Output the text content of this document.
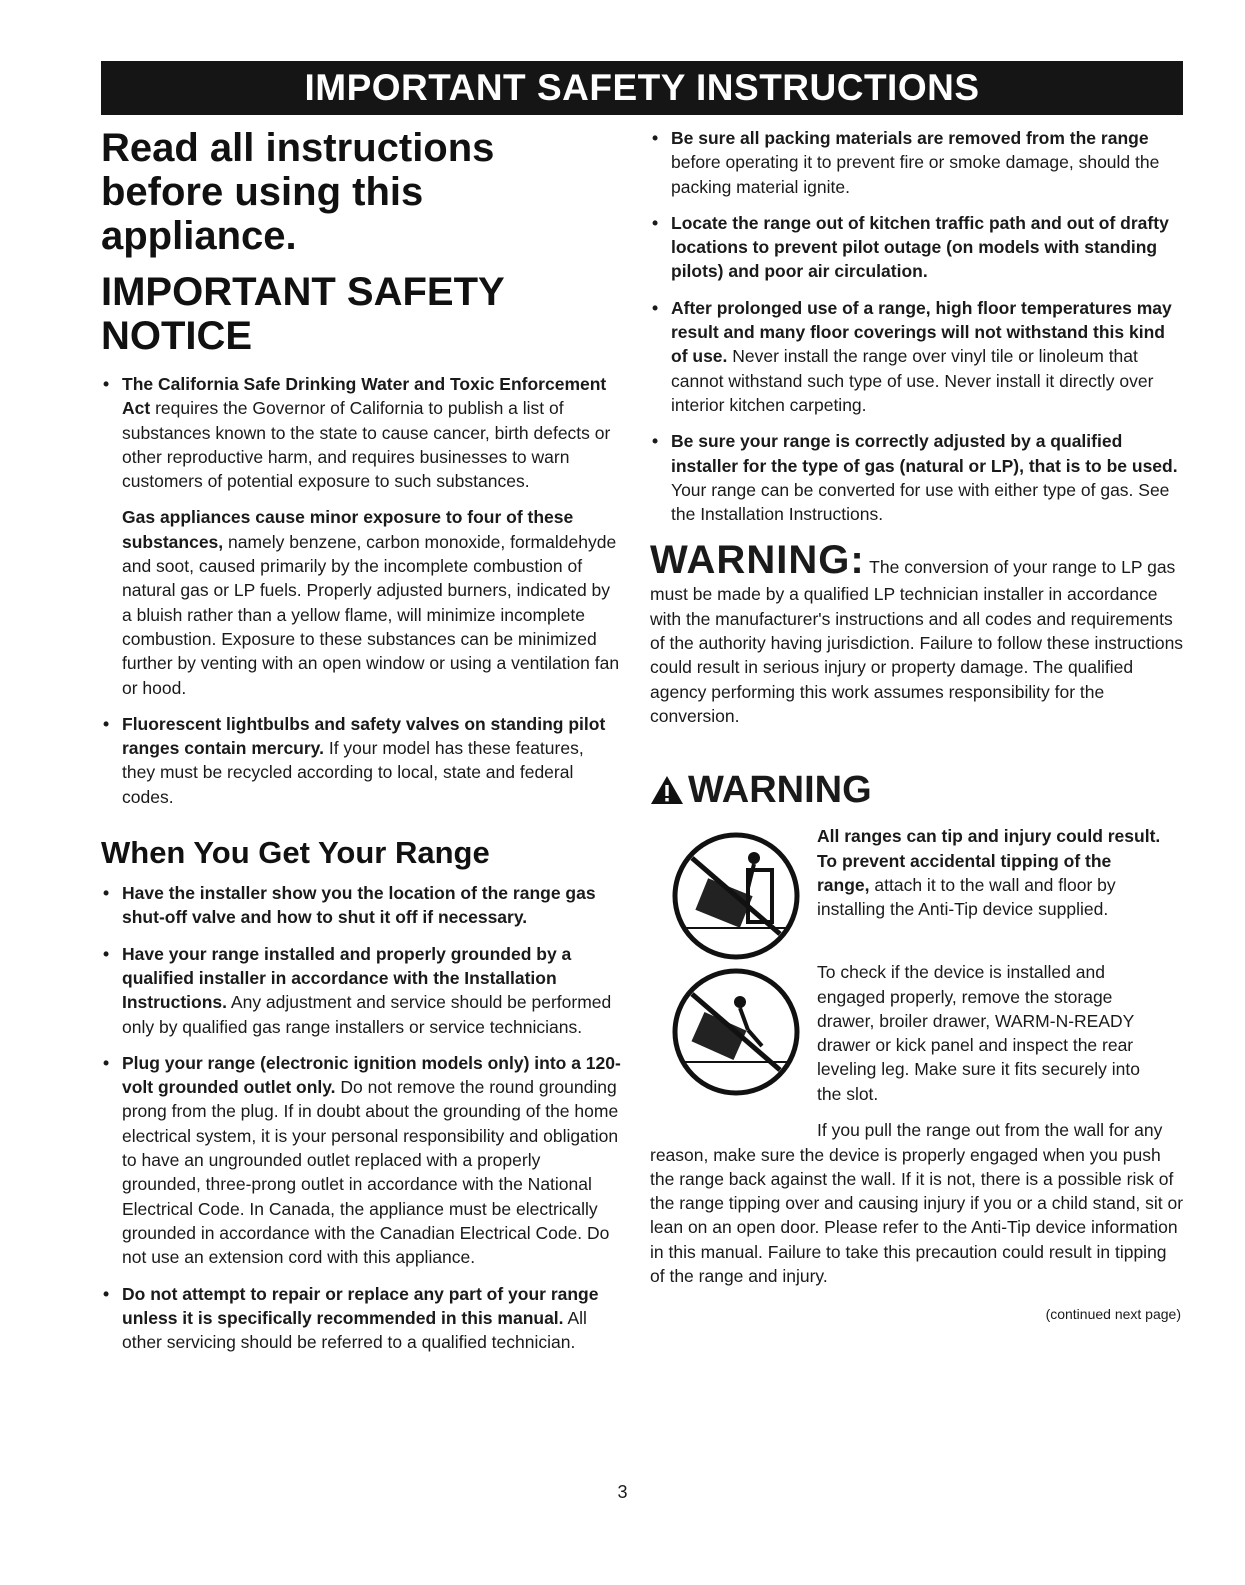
IMPORTANT SAFETY INSTRUCTIONS
Read all instructions before using this appliance.
IMPORTANT SAFETY NOTICE
• The California Safe Drinking Water and Toxic Enforcement Act requires the Governor of California to publish a list of substances known to the state to cause cancer, birth defects or other reproductive harm, and requires businesses to warn customers of potential exposure to such substances.

Gas appliances cause minor exposure to four of these substances, namely benzene, carbon monoxide, formaldehyde and soot, caused primarily by the incomplete combustion of natural gas or LP fuels. Properly adjusted burners, indicated by a bluish rather than a yellow flame, will minimize incomplete combustion. Exposure to these substances can be minimized further by venting with an open window or using a ventilation fan or hood.

• Fluorescent lightbulbs and safety valves on standing pilot ranges contain mercury. If your model has these features, they must be recycled according to local, state and federal codes.
When You Get Your Range
• Have the installer show you the location of the range gas shut-off valve and how to shut it off if necessary.
• Have your range installed and properly grounded by a qualified installer in accordance with the Installation Instructions. Any adjustment and service should be performed only by qualified gas range installers or service technicians.
• Plug your range (electronic ignition models only) into a 120-volt grounded outlet only. Do not remove the round grounding prong from the plug. If in doubt about the grounding of the home electrical system, it is your personal responsibility and obligation to have an ungrounded outlet replaced with a properly grounded, three-prong outlet in accordance with the National Electrical Code. In Canada, the appliance must be electrically grounded in accordance with the Canadian Electrical Code. Do not use an extension cord with this appliance.
• Do not attempt to repair or replace any part of your range unless it is specifically recommended in this manual. All other servicing should be referred to a qualified technician.
• Be sure all packing materials are removed from the range before operating it to prevent fire or smoke damage, should the packing material ignite.
• Locate the range out of kitchen traffic path and out of drafty locations to prevent pilot outage (on models with standing pilots) and poor air circulation.
• After prolonged use of a range, high floor temperatures may result and many floor coverings will not withstand this kind of use. Never install the range over vinyl tile or linoleum that cannot withstand such type of use. Never install it directly over interior kitchen carpeting.
• Be sure your range is correctly adjusted by a qualified installer for the type of gas (natural or LP), that is to be used. Your range can be converted for use with either type of gas. See the Installation Instructions.
WARNING: The conversion of your range to LP gas must be made by a qualified LP technician installer in accordance with the manufacturer's instructions and all codes and requirements of the authority having jurisdiction. Failure to follow these instructions could result in serious injury or property damage. The qualified agency performing this work assumes responsibility for the conversion.
WARNING
All ranges can tip and injury could result. To prevent accidental tipping of the range, attach it to the wall and floor by installing the Anti-Tip device supplied.
To check if the device is installed and engaged properly, remove the storage drawer, broiler drawer, WARM-N-READY drawer or kick panel and inspect the rear leveling leg. Make sure it fits securely into the slot.

If you pull the range out from the wall for any reason, make sure the device is properly engaged when you push the range back against the wall. If it is not, there is a possible risk of the range tipping over and causing injury if you or a child stand, sit or lean on an open door. Please refer to the Anti-Tip device information in this manual. Failure to take this precaution could result in tipping of the range and injury.

(continued next page)
3
